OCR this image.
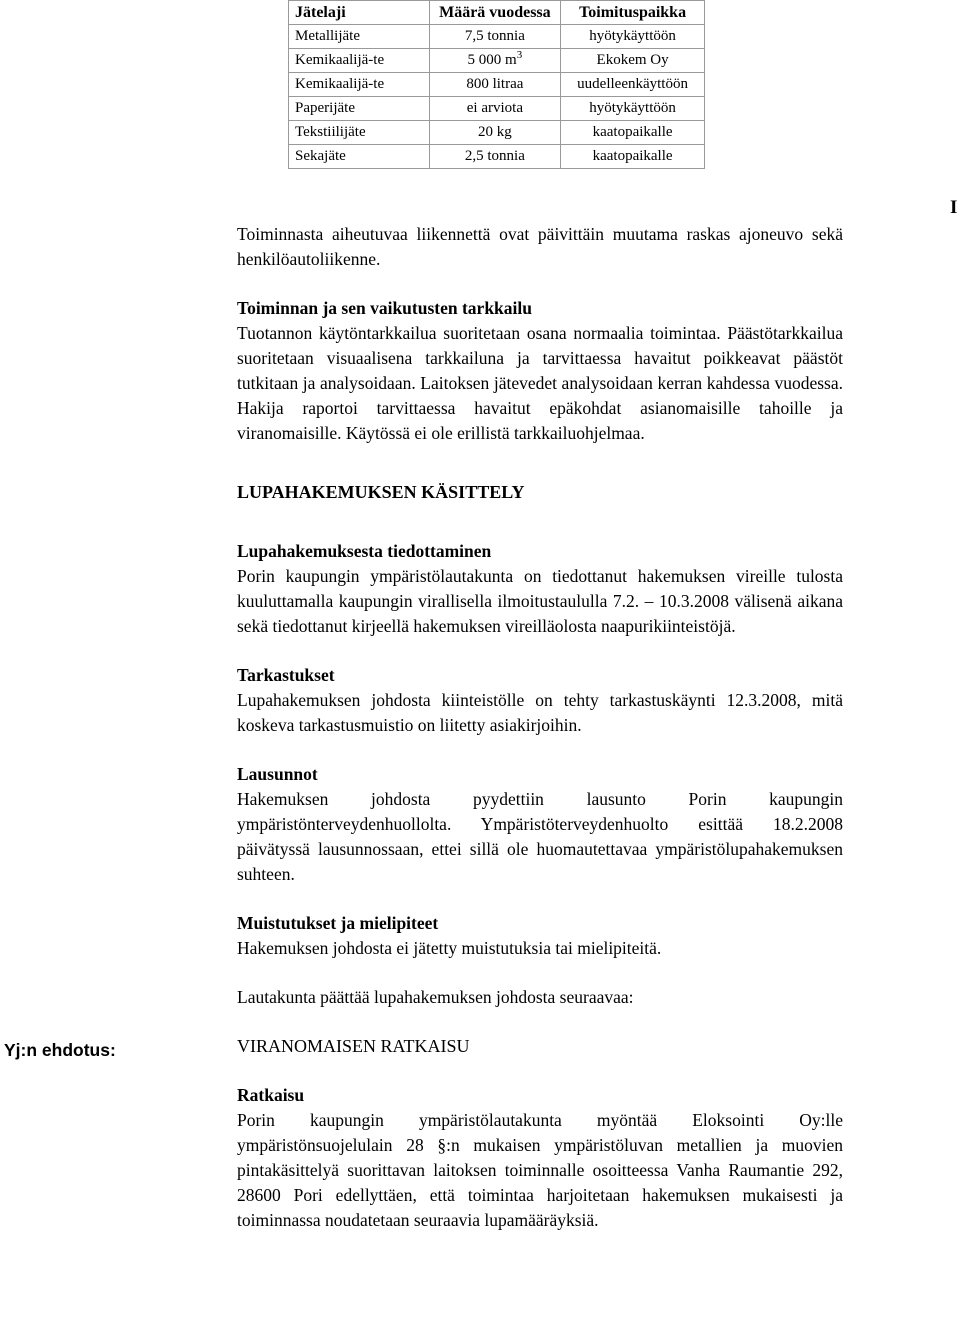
Jätelaji	Määrä vuodessa	Toimituspaikka
Metallijäte	7,5 tonnia	hyötykäyttöön
Kemikaalijä-te	5 000 $m^3$	Ekokem Oy
Kemikaalijä-te	800 litraa	uudelleenkäyttöön
Paperijäte	ei arviota	hyötykäyttöön
Tekstiilijäte	20 kg	kaatopaikalle
Sekajäte	2,5 tonnia	kaatopaikalle
I

Toiminnasta aiheutuvaa liikennettä ovat päivittäin muutama raskas ajoneuvo sekä henkilöautoliikenne.

Toiminnan ja sen vaikutusten tarkkailu

Tuotannon käytöntarkkailua suoritetaan osana normaalia toimintaa. Päästötarkkailua suoritetaan visuaalisena tarkkailuna ja tarvittaessa havaitut poikkeavat päästöt tutkitaan ja analysoidaan. Laitoksen jätevedet analysoidaan kerran kahdessa vuodessa. Hakija raportoi tarvittaessa havaitut epäkohdat asianomaisille tahoille ja viranomaisille. Käytössä ei ole erillistä tarkkailuohjelmaa.

LUPAHAKEMUKSEN KÄSITTELY
Lupahakemuksesta tiedottaminen

Porin kaupungin ympäristölautakunta on tiedottanut hakemuksen vireille tulosta kuuluttamalla kaupungin virallisella ilmoitustaululla 7.2. – 10.3.2008 välisenä aikana sekä tiedottanut kirjeellä hakemuksen vireilläolosta naapurikiinteistöjä.

Tarkastukset

Lupahakemuksen johdosta kiinteistölle on tehty tarkastuskäynti 12.3.2008, mitä koskeva tarkastusmuistio on liitetty asiakirjoihin.

Lausunnot

Hakemuksen johdosta pyydettiin lausunto Porin kaupungin ympäristönterveydenhuollolta. Ympäristöterveydenhuolto esittää 18.2.2008 päivätyssä lausunnossaan, ettei sillä ole huomautettavaa ympäristölupahakemuksen suhteen.

Muistutukset ja mielipiteet

Hakemuksen johdosta ei jätetty muistutuksia tai mielipiteitä.

Lautakunta päättää lupahakemuksen johdosta seuraavaa:

VIRANOMAISEN RATKAISU
Ratkaisu

Porin kaupungin ympäristölautakunta myöntää Eloksointi Oy:lle ympäristönsuojelulain 28 §:n mukaisen ympäristöluvan metallien ja muovien pintakäsittelyä suorittavan laitoksen toiminnalle osoitteessa Vanha Raumantie 292, 28600 Pori edellyttäen, että toimintaa harjoitetaan hakemuksen mukaisesti ja toiminnassa noudatetaan seuraavia lupamääräyksiä.

Yj:n ehdotus:
